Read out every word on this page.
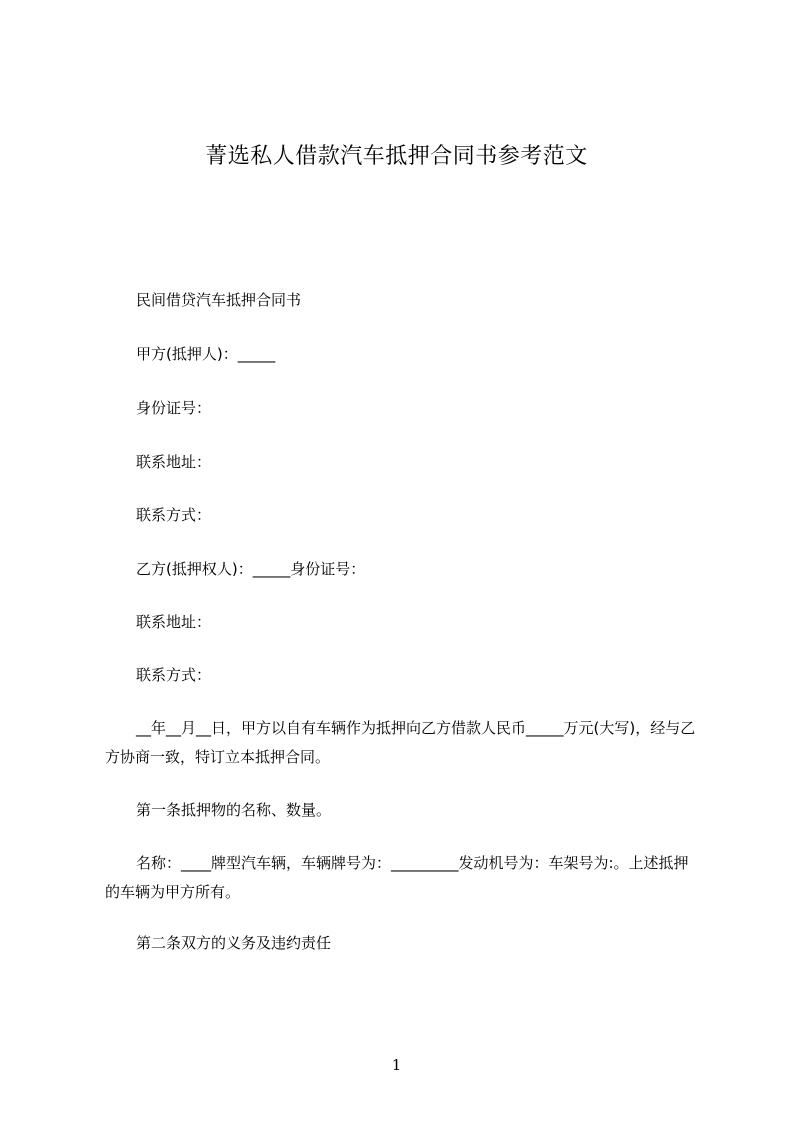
菁选私人借款汽车抵押合同书参考范文
民间借贷汽车抵押合同书
甲方(抵押人)：_____
身份证号：
联系地址：
联系方式：
乙方(抵押权人)：_____身份证号：
联系地址：
联系方式：
__年__月__日，甲方以自有车辆作为抵押向乙方借款人民币_____万元(大写)，经与乙方协商一致，特订立本抵押合同。
第一条抵押物的名称、数量。
名称：____牌型汽车辆，车辆牌号为：_________发动机号为：车架号为:。上述抵押的车辆为甲方所有。
第二条双方的义务及违约责任
1
